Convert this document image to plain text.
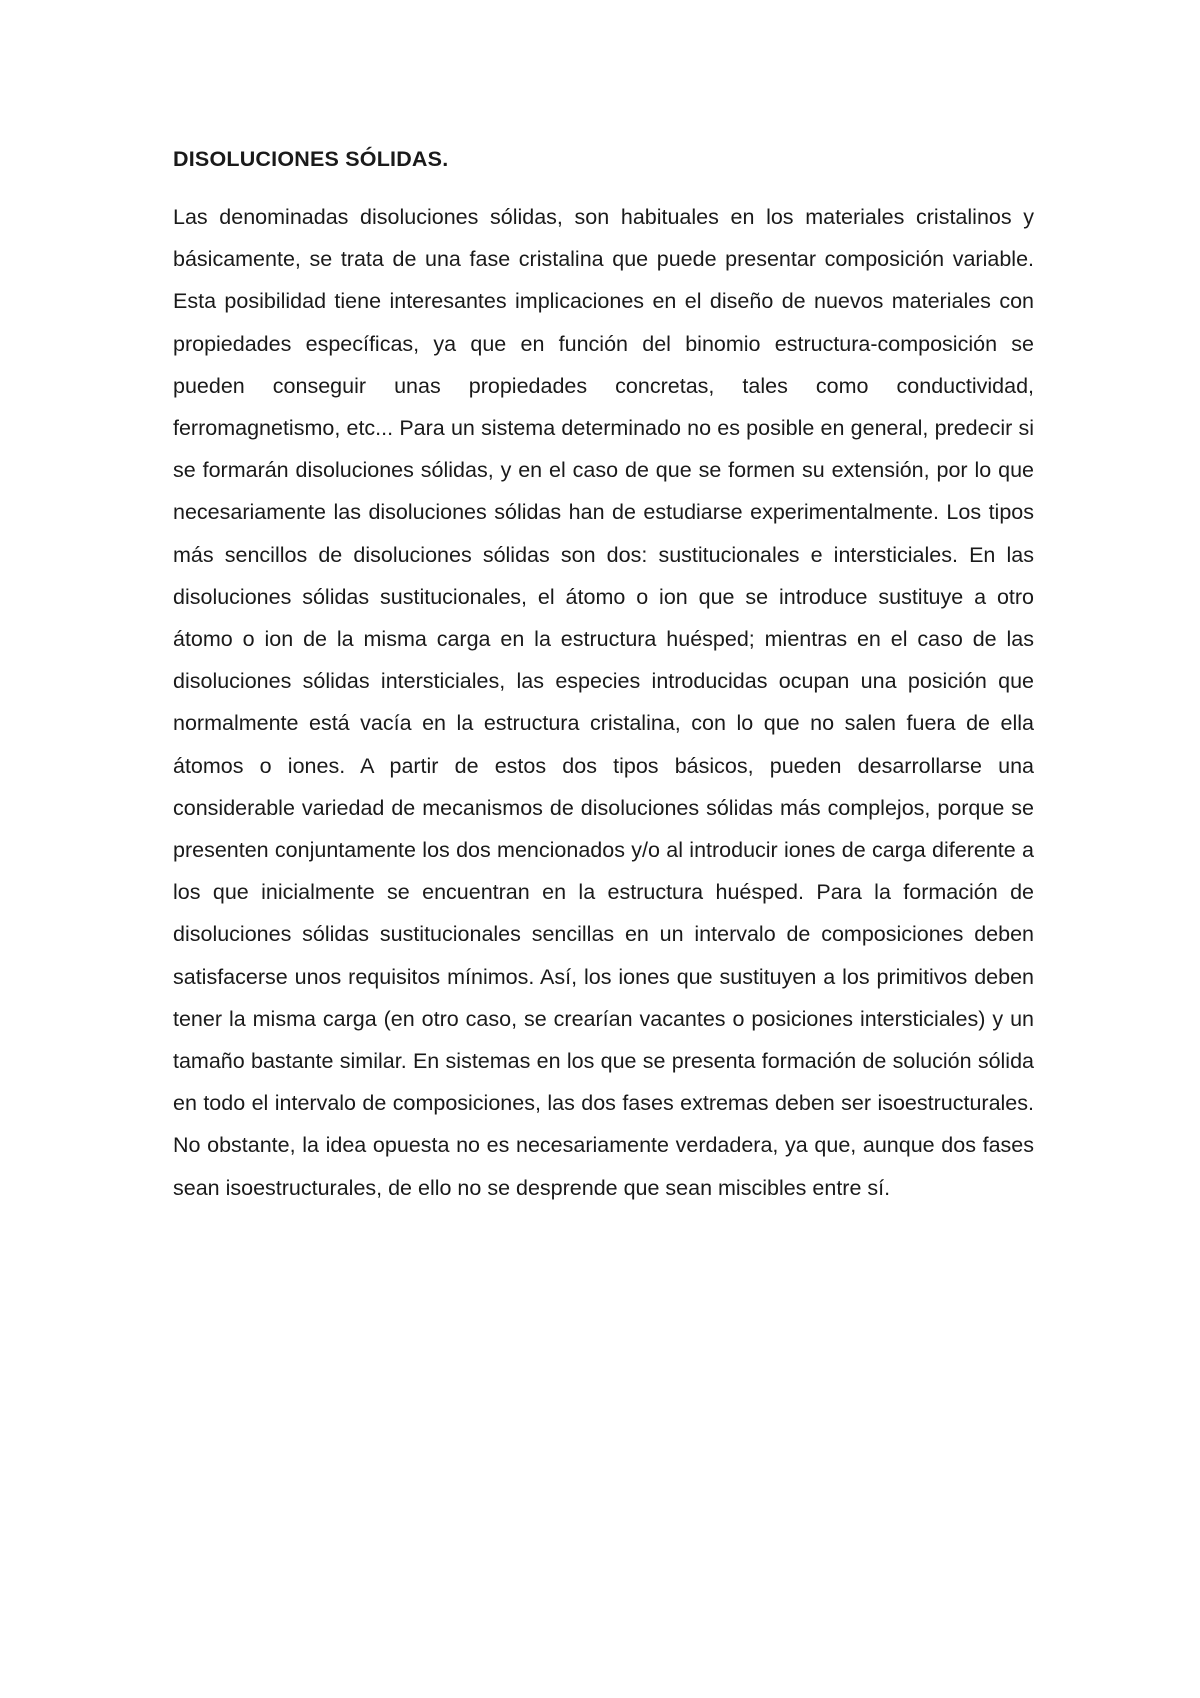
DISOLUCIONES SÓLIDAS.

Las denominadas disoluciones sólidas, son habituales en los materiales cristalinos y básicamente, se trata de una fase cristalina que puede presentar composición variable. Esta posibilidad tiene interesantes implicaciones en el diseño de nuevos materiales con propiedades específicas, ya que en función del binomio estructura-composición se pueden conseguir unas propiedades concretas, tales como conductividad, ferromagnetismo, etc... Para un sistema determinado no es posible en general, predecir si se formarán disoluciones sólidas, y en el caso de que se formen su extensión, por lo que necesariamente las disoluciones sólidas han de estudiarse experimentalmente. Los tipos más sencillos de disoluciones sólidas son dos: sustitucionales e intersticiales. En las disoluciones sólidas sustitucionales, el átomo o ion que se introduce sustituye a otro átomo o ion de la misma carga en la estructura huésped; mientras en el caso de las disoluciones sólidas intersticiales, las especies introducidas ocupan una posición que normalmente está vacía en la estructura cristalina, con lo que no salen fuera de ella átomos o iones. A partir de estos dos tipos básicos, pueden desarrollarse una considerable variedad de mecanismos de disoluciones sólidas más complejos, porque se presenten conjuntamente los dos mencionados y/o al introducir iones de carga diferente a los que inicialmente se encuentran en la estructura huésped. Para la formación de disoluciones sólidas sustitucionales sencillas en un intervalo de composiciones deben satisfacerse unos requisitos mínimos. Así, los iones que sustituyen a los primitivos deben tener la misma carga (en otro caso, se crearían vacantes o posiciones intersticiales) y un tamaño bastante similar. En sistemas en los que se presenta formación de solución sólida en todo el intervalo de composiciones, las dos fases extremas deben ser isoestructurales. No obstante, la idea opuesta no es necesariamente verdadera, ya que, aunque dos fases sean isoestructurales, de ello no se desprende que sean miscibles entre sí.
